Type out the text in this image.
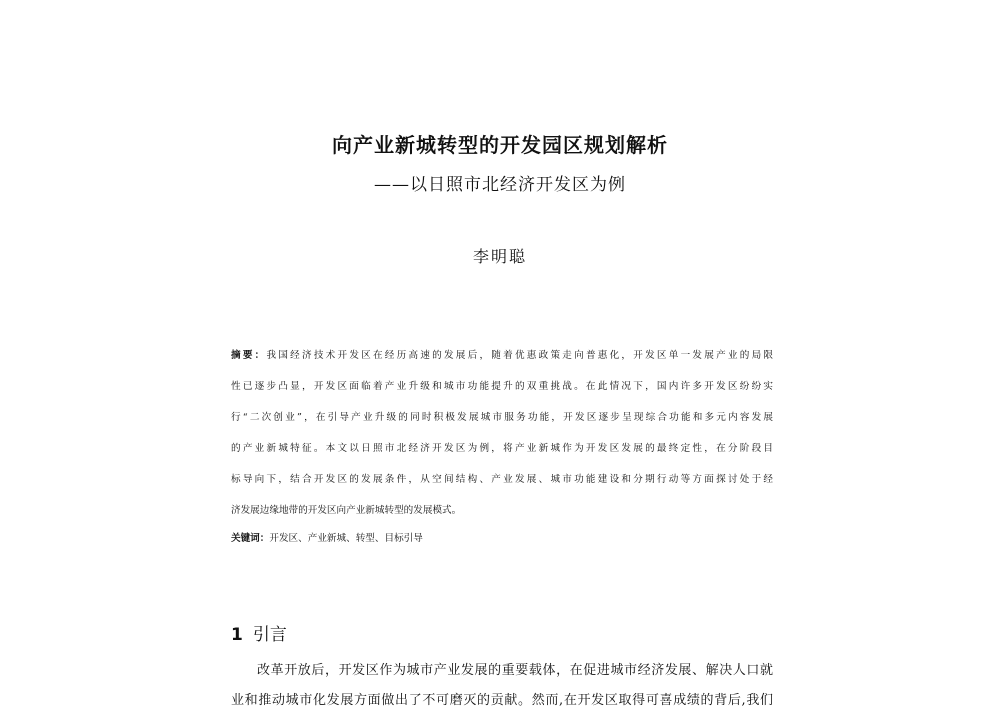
向产业新城转型的开发园区规划解析
——以日照市北经济开发区为例
李明聪
摘要：我国经济技术开发区在经历高速的发展后，随着优惠政策走向普惠化，开发区单一发展产业的局限
性已逐步凸显，开发区面临着产业升级和城市功能提升的双重挑战。在此情况下，国内许多开发区纷纷实
行“二次创业”，在引导产业升级的同时积极发展城市服务功能，开发区逐步呈现综合功能和多元内容发展
的产业新城特征。本文以日照市北经济开发区为例，将产业新城作为开发区发展的最终定性，在分阶段目
标导向下，结合开发区的发展条件，从空间结构、产业发展、城市功能建设和分期行动等方面探讨处于经
济发展边缘地带的开发区向产业新城转型的发展模式。
关键词：开发区、产业新城、转型、目标引导
1 引言
改革开放后，开发区作为城市产业发展的重要载体，在促进城市经济发展、解决人口就
业和推动城市化发展方面做出了不可磨灭的贡献。然而,在开发区取得可喜成绩的背后,我们
